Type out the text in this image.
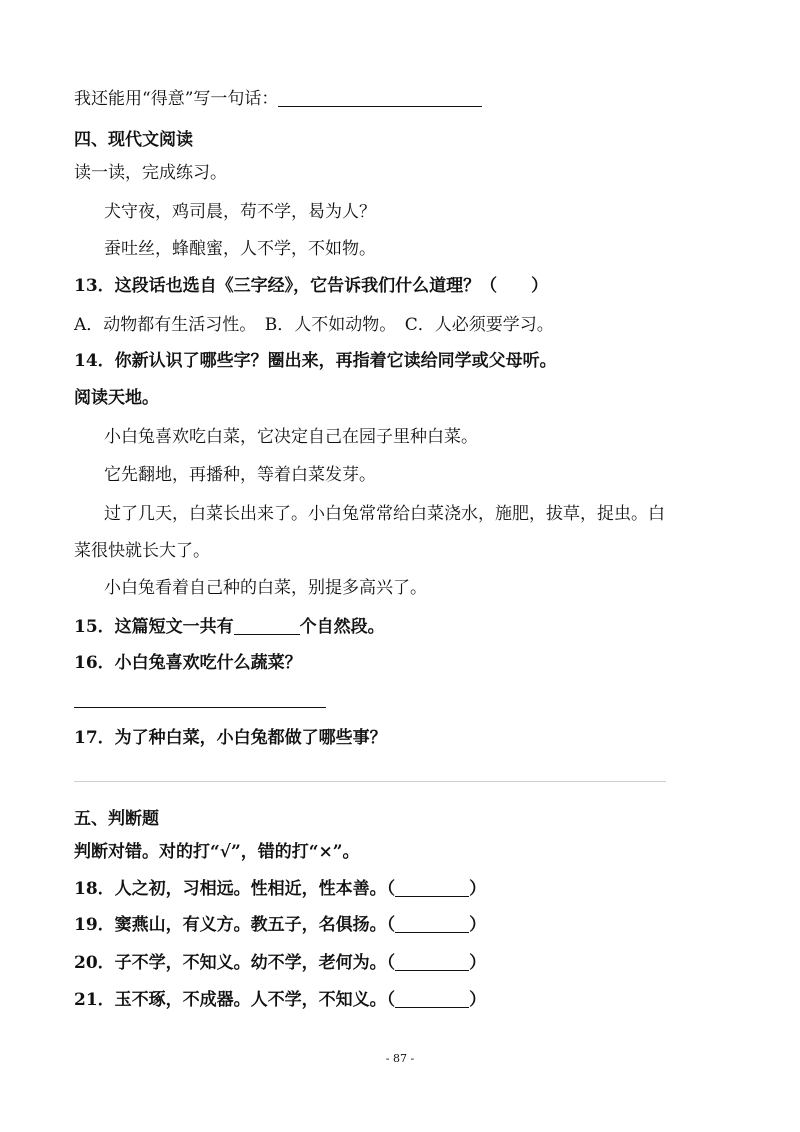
我还能用“得意”写一句话：
四、现代文阅读
读一读，完成练习。
犬守夜，鸡司晨，苟不学，曷为人？
蚕吐丝，蜂酿蜜，人不学，不如物。
13．这段话也选自《三字经》，它告诉我们什么道理？（　　）
A．动物都有生活习性。　B．人不如动物。　C．人必须要学习。
14．你新认识了哪些字？圈出来，再指着它读给同学或父母听。
阅读天地。
小白兔喜欢吃白菜，它决定自己在园子里种白菜。
它先翻地，再播种，等着白菜发芽。
过了几天，白菜长出来了。小白兔常常给白菜浇水，施肥，拔草，捉虫。白
菜很快就长大了。
小白兔看着自己种的白菜，别提多高兴了。
15．这篇短文一共有	个自然段。
16．小白兔喜欢吃什么蔬菜？
17．为了种白菜，小白兔都做了哪些事？
五、判断题
判断对错。对的打“√”，错的打“×”。
18．人之初，习相远。性相近，性本善。（	）
19．窦燕山，有义方。教五子，名俱扬。（	）
20．子不学，不知义。幼不学，老何为。（	）
21．玉不琢，不成器。人不学，不知义。（	）
- 87 -
